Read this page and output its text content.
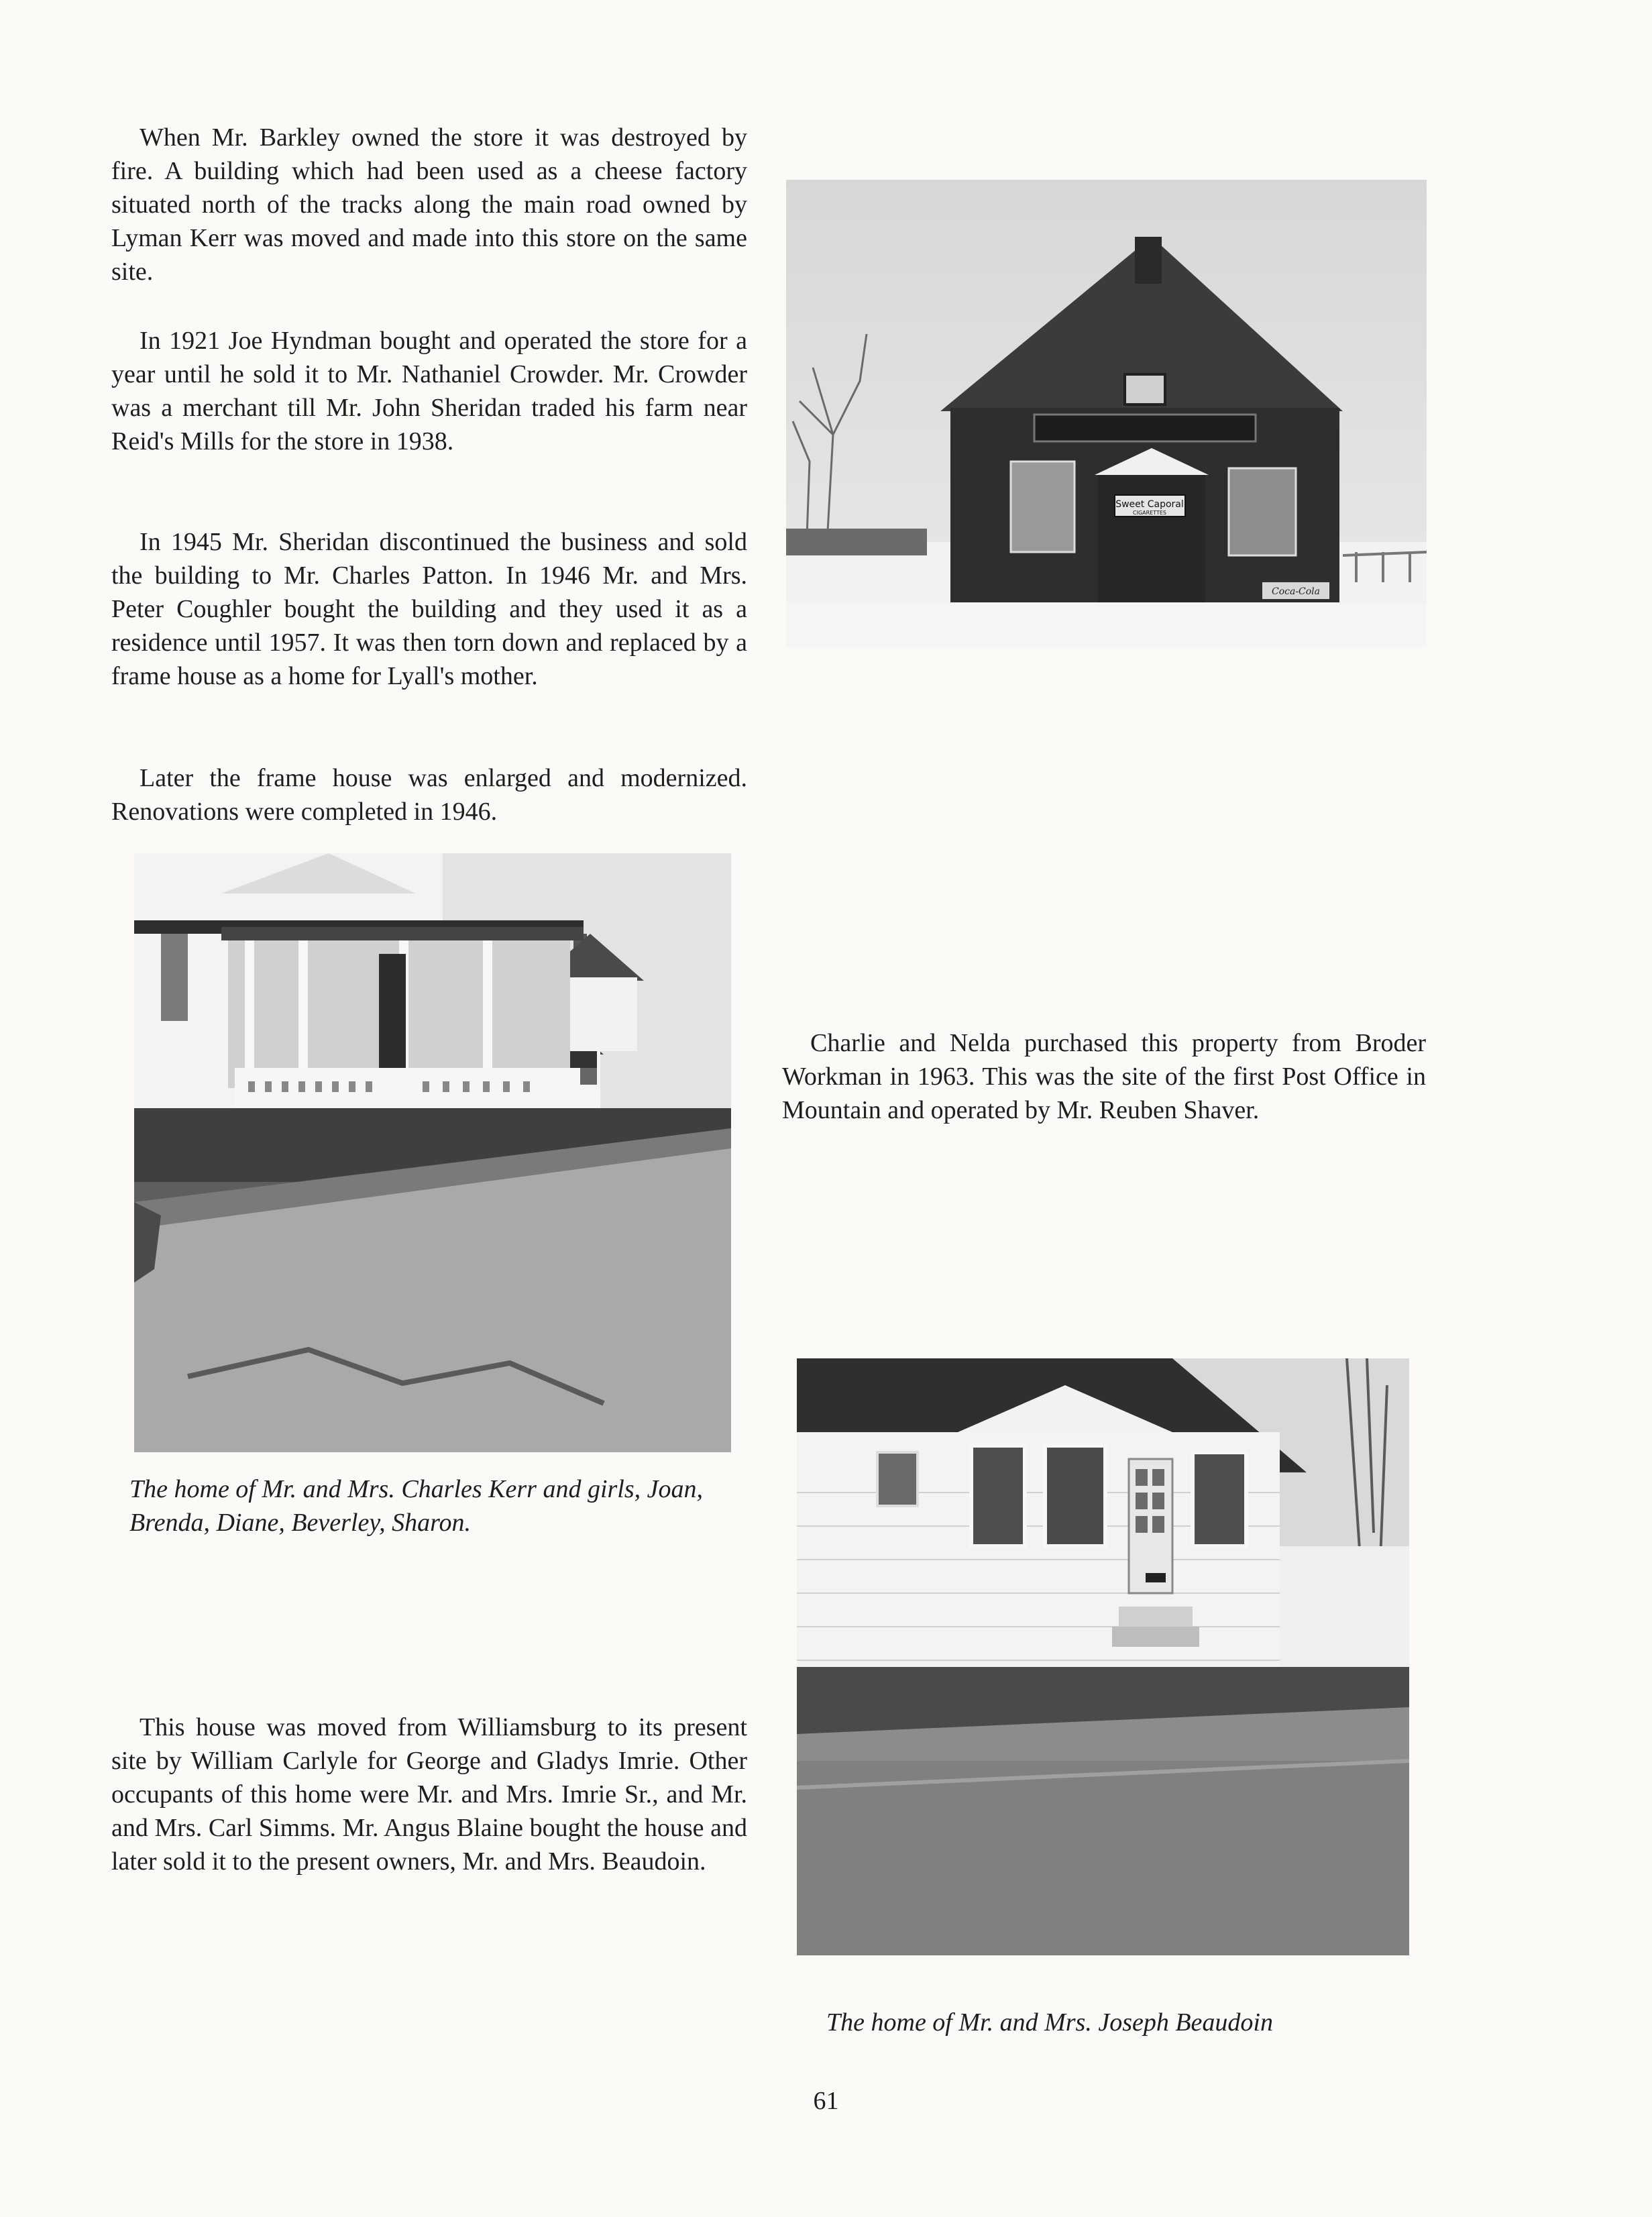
When Mr. Barkley owned the store it was destroyed by fire. A building which had been used as a cheese factory situated north of the tracks along the main road owned by Lyman Kerr was moved and made into this store on the same site.

In 1921 Joe Hyndman bought and operated the store for a year until he sold it to Mr. Nathaniel Crowder. Mr. Crowder was a merchant till Mr. John Sheridan traded his farm near Reid's Mills for the store in 1938.

In 1945 Mr. Sheridan discontinued the business and sold the building to Mr. Charles Patton. In 1946 Mr. and Mrs. Peter Coughler bought the building and they used it as a residence until 1957. It was then torn down and replaced by a frame house as a home for Lyall's mother.

Later the frame house was enlarged and modernized. Renovations were completed in 1946.

Sweet Caporal
CIGARETTES
Coca-Cola

The home of Mr. and Mrs. Charles Kerr and girls, Joan, Brenda, Diane, Beverley, Sharon.

Charlie and Nelda purchased this property from Broder Workman in 1963. This was the site of the first Post Office in Mountain and operated by Mr. Reuben Shaver.

This house was moved from Williamsburg to its present site by William Carlyle for George and Gladys Imrie. Other occupants of this home were Mr. and Mrs. Imrie Sr., and Mr. and Mrs. Carl Simms. Mr. Angus Blaine bought the house and later sold it to the present owners, Mr. and Mrs. Beaudoin.

The home of Mr. and Mrs. Joseph Beaudoin

61
